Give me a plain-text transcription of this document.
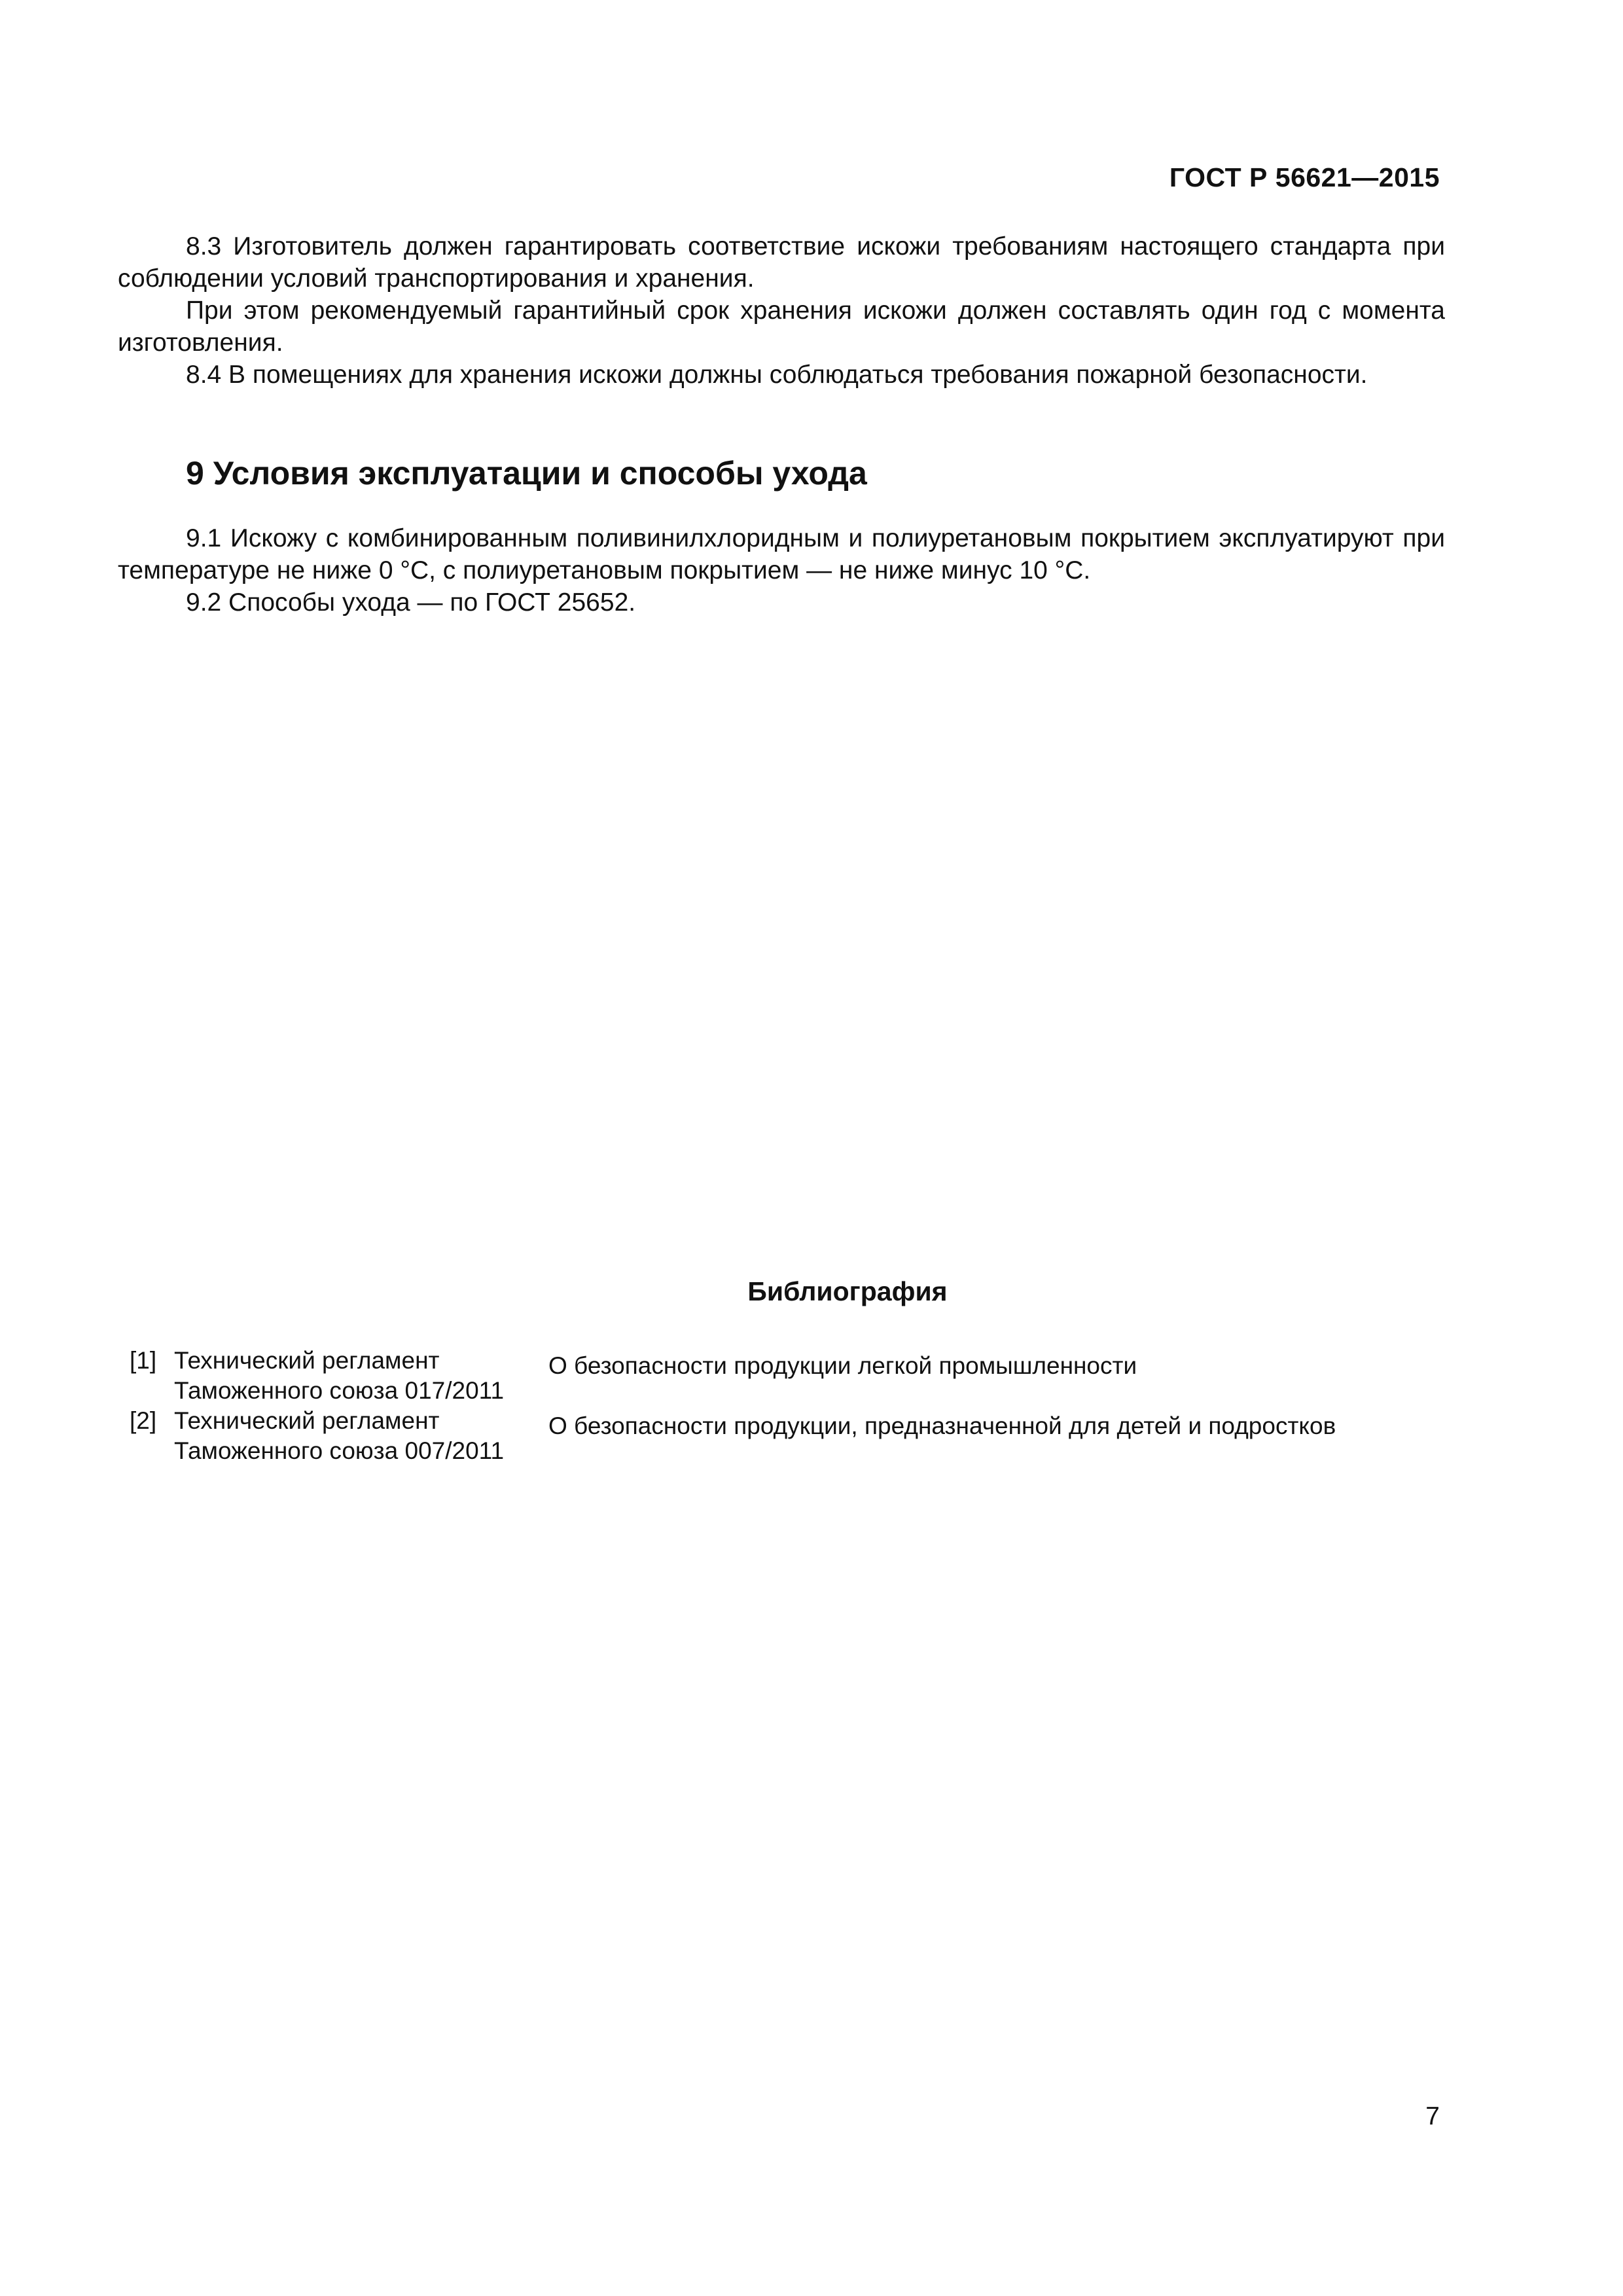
ГОСТ Р 56621—2015

8.3 Изготовитель должен гарантировать соответствие искожи требованиям настоящего стандарта при соблюдении условий транспортирования и хранения.

При этом рекомендуемый гарантийный срок хранения искожи должен составлять один год с момента изготовления.

8.4 В помещениях для хранения искожи должны соблюдаться требования пожарной безопасности.

9 Условия эксплуатации и способы ухода

9.1 Искожу с комбинированным поливинилхлоридным и полиуретановым покрытием эксплуатируют при температуре не ниже 0 °С, с полиуретановым покрытием — не ниже минус 10 °С.

9.2 Способы ухода — по ГОСТ 25652.

Библиография
[1] Технический регламент
Таможенного союза 017/2011
О безопасности продукции легкой промышленности
[2] Технический регламент
Таможенного союза 007/2011
О безопасности продукции, предназначенной для детей и подростков
7
